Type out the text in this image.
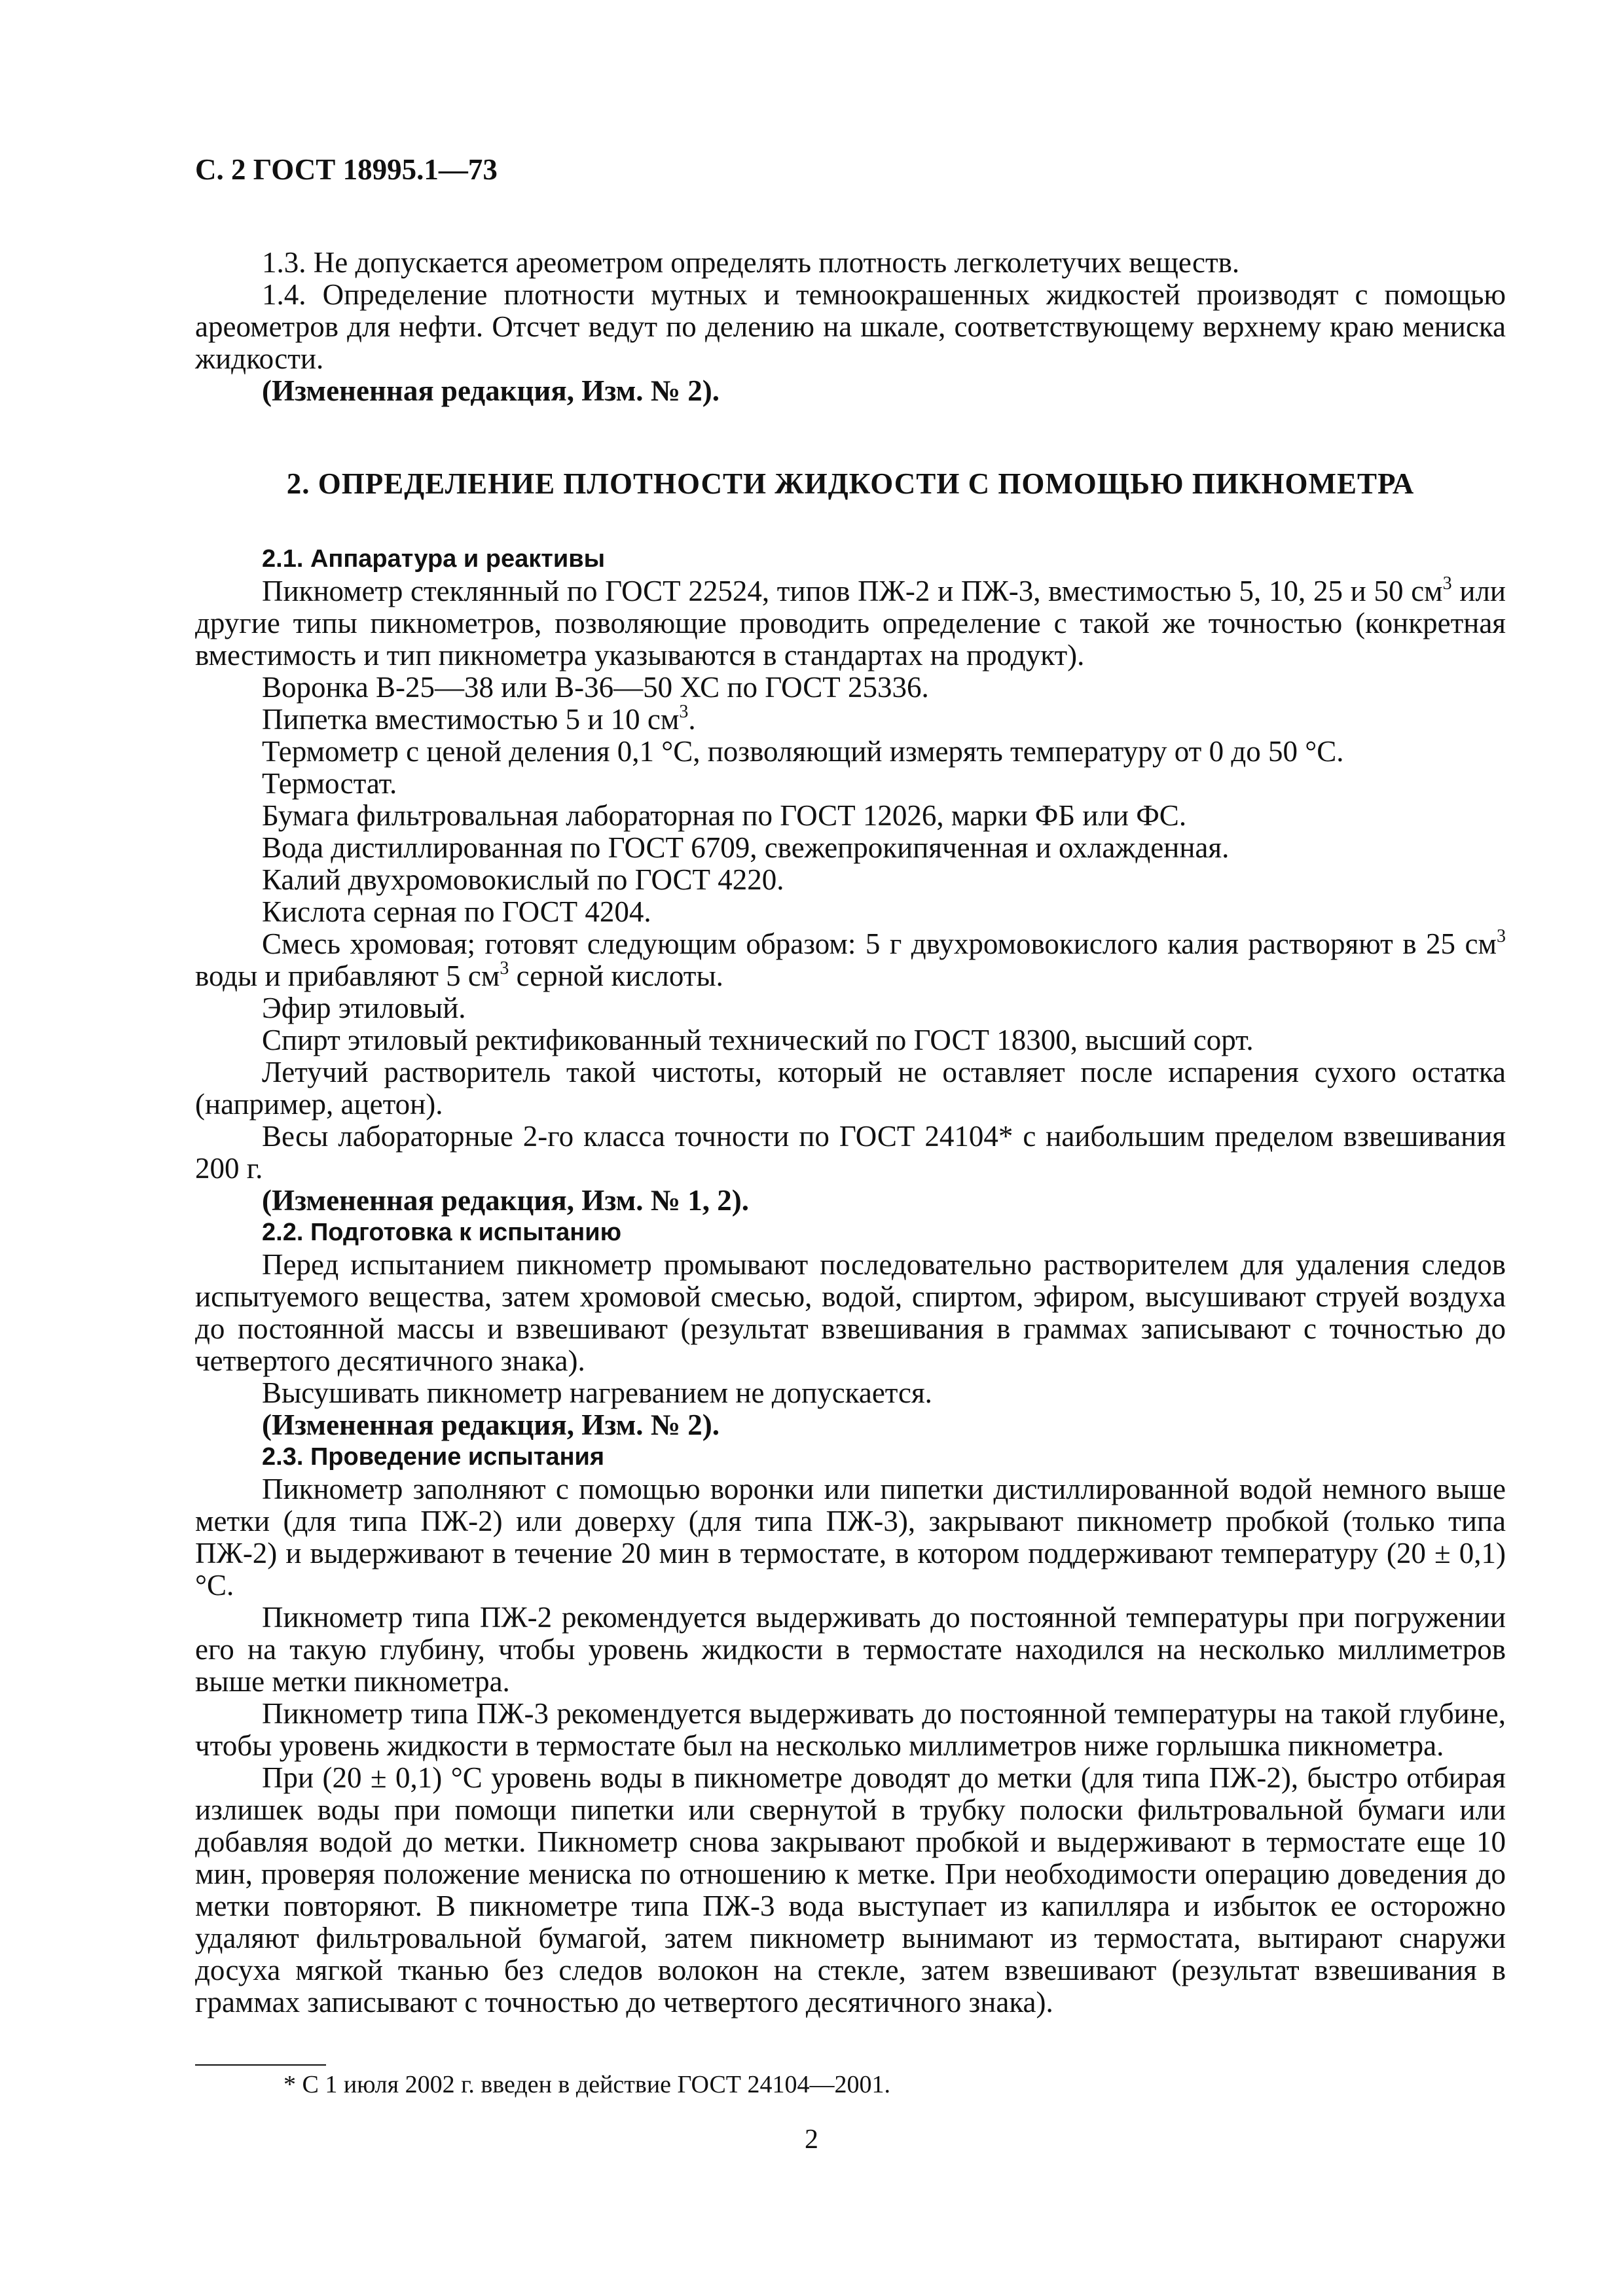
С. 2 ГОСТ 18995.1—73

1.3. Не допускается ареометром определять плотность легколетучих веществ.

1.4. Определение плотности мутных и темноокрашенных жидкостей производят с помощью ареометров для нефти. Отсчет ведут по делению на шкале, соответствующему верхнему краю мениска жидкости.

(Измененная редакция, Изм. № 2).

2. ОПРЕДЕЛЕНИЕ ПЛОТНОСТИ ЖИДКОСТИ С ПОМОЩЬЮ ПИКНОМЕТРА

2.1. Аппаратура и реактивы

Пикнометр стеклянный по ГОСТ 22524, типов ПЖ-2 и ПЖ-3, вместимостью 5, 10, 25 и 50 $см^3$ или другие типы пикнометров, позволяющие проводить определение с такой же точностью (конкретная вместимость и тип пикнометра указываются в стандартах на продукт).

Воронка В-25—38 или В-36—50 ХС по ГОСТ 25336.

Пипетка вместимостью 5 и 10 $см^3$.

Термометр с ценой деления 0,1 °С, позволяющий измерять температуру от 0 до 50 °С.

Термостат.

Бумага фильтровальная лабораторная по ГОСТ 12026, марки ФБ или ФС.

Вода дистиллированная по ГОСТ 6709, свежепрокипяченная и охлажденная.

Калий двухромовокислый по ГОСТ 4220.

Кислота серная по ГОСТ 4204.

Смесь хромовая; готовят следующим образом: 5 г двухромовокислого калия растворяют в 25 $см^3$ воды и прибавляют 5 $см^3$ серной кислоты.

Эфир этиловый.

Спирт этиловый ректификованный технический по ГОСТ 18300, высший сорт.

Летучий растворитель такой чистоты, который не оставляет после испарения сухого остатка (например, ацетон).

Весы лабораторные 2-го класса точности по ГОСТ 24104* с наибольшим пределом взвешивания 200 г.

(Измененная редакция, Изм. № 1, 2).

2.2. Подготовка к испытанию

Перед испытанием пикнометр промывают последовательно растворителем для удаления следов испытуемого вещества, затем хромовой смесью, водой, спиртом, эфиром, высушивают струей воздуха до постоянной массы и взвешивают (результат взвешивания в граммах записывают с точностью до четвертого десятичного знака).

Высушивать пикнометр нагреванием не допускается.

(Измененная редакция, Изм. № 2).

2.3. Проведение испытания

Пикнометр заполняют с помощью воронки или пипетки дистиллированной водой немного выше метки (для типа ПЖ-2) или доверху (для типа ПЖ-3), закрывают пикнометр пробкой (только типа ПЖ-2) и выдерживают в течение 20 мин в термостате, в котором поддерживают температуру (20 ± 0,1) °С.

Пикнометр типа ПЖ-2 рекомендуется выдерживать до постоянной температуры при погружении его на такую глубину, чтобы уровень жидкости в термостате находился на несколько миллиметров выше метки пикнометра.

Пикнометр типа ПЖ-3 рекомендуется выдерживать до постоянной температуры на такой глубине, чтобы уровень жидкости в термостате был на несколько миллиметров ниже горлышка пикнометра.

При (20 ± 0,1) °С уровень воды в пикнометре доводят до метки (для типа ПЖ-2), быстро отбирая излишек воды при помощи пипетки или свернутой в трубку полоски фильтровальной бумаги или добавляя водой до метки. Пикнометр снова закрывают пробкой и выдерживают в термостате еще 10 мин, проверяя положение мениска по отношению к метке. При необходимости операцию доведения до метки повторяют. В пикнометре типа ПЖ-3 вода выступает из капилляра и избыток ее осторожно удаляют фильтровальной бумагой, затем пикнометр вынимают из термостата, вытирают снаружи досуха мягкой тканью без следов волокон на стекле, затем взвешивают (результат взвешивания в граммах записывают с точностью до четвертого десятичного знака).

* С 1 июля 2002 г. введен в действие ГОСТ 24104—2001.
2
